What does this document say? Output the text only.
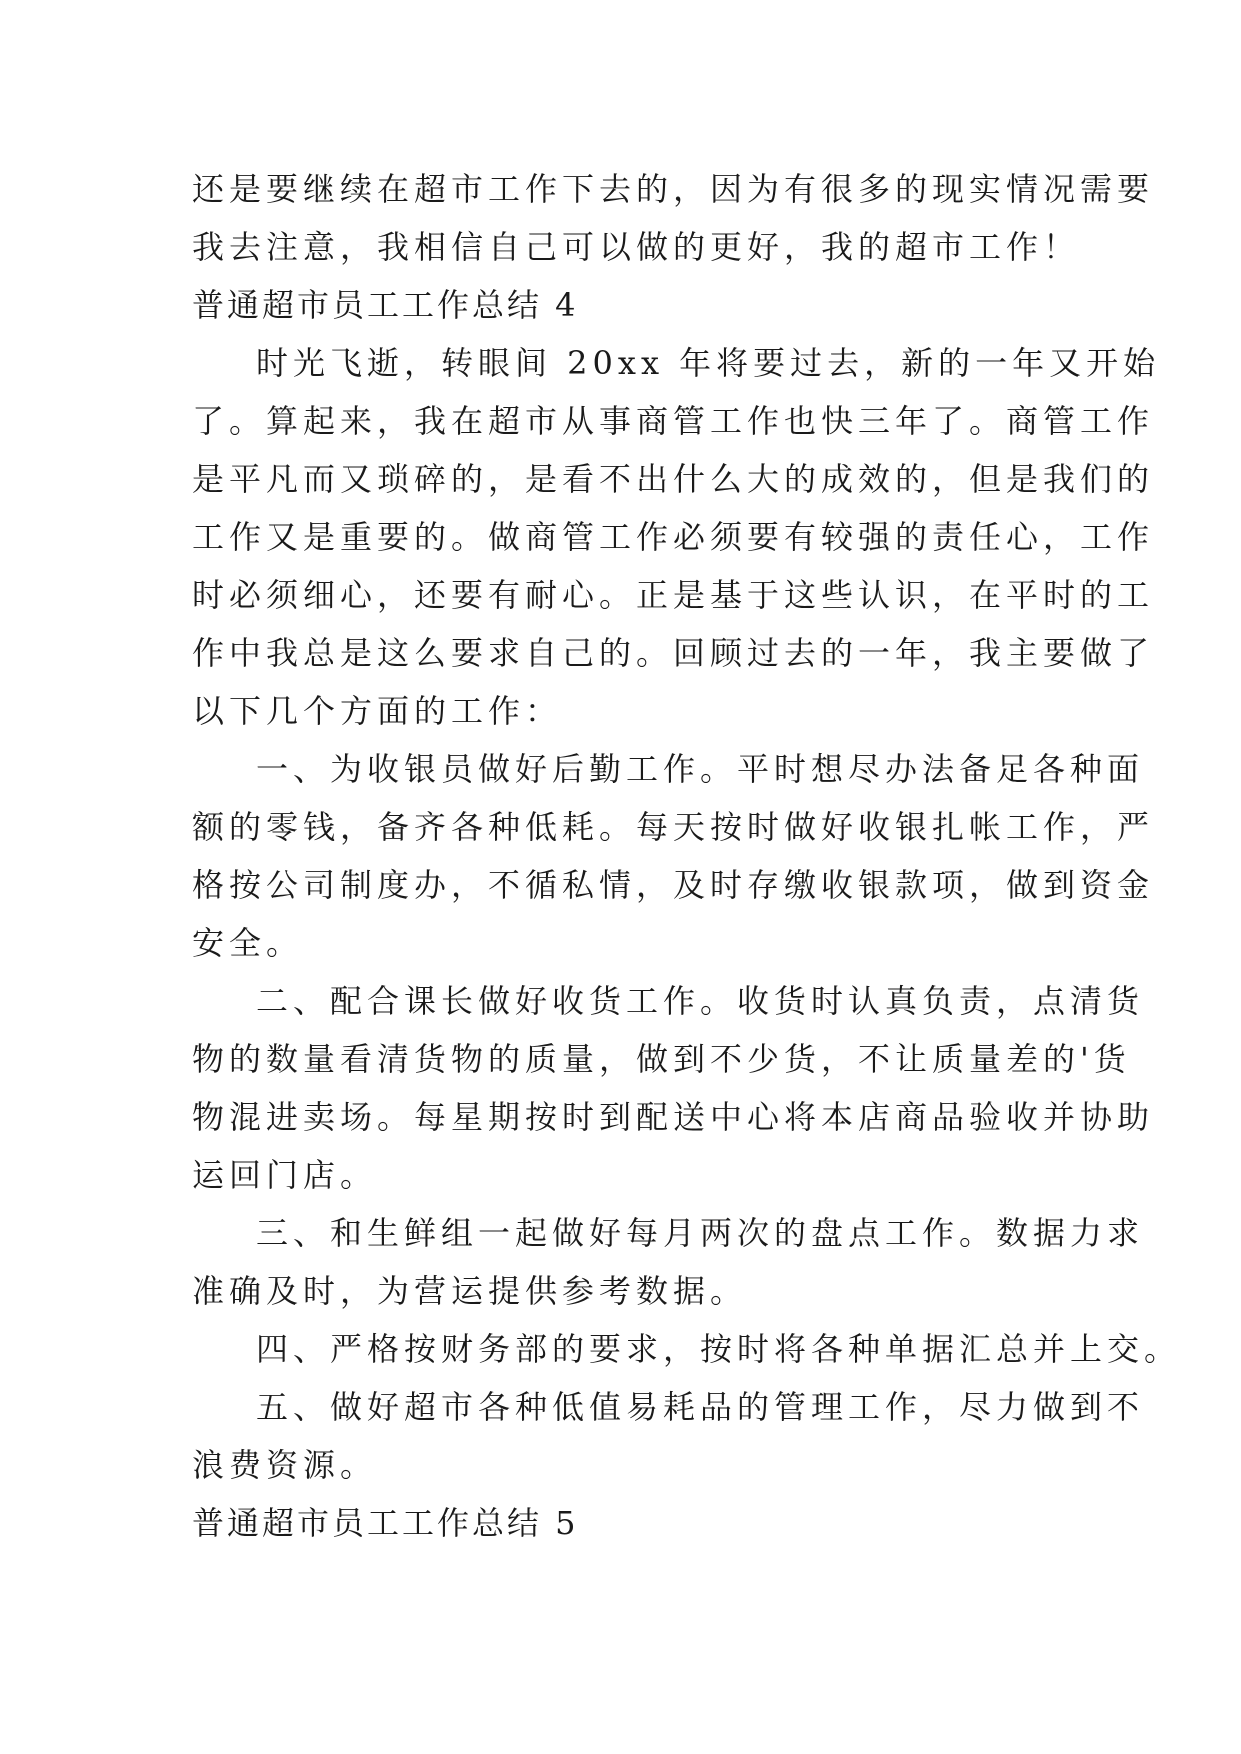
还是要继续在超市工作下去的，因为有很多的现实情况需要
我去注意，我相信自己可以做的更好，我的超市工作！
普通超市员工工作总结 4
时光飞逝，转眼间 20xx 年将要过去，新的一年又开始
了。算起来，我在超市从事商管工作也快三年了。商管工作
是平凡而又琐碎的，是看不出什么大的成效的，但是我们的
工作又是重要的。做商管工作必须要有较强的责任心，工作
时必须细心，还要有耐心。正是基于这些认识，在平时的工
作中我总是这么要求自己的。回顾过去的一年，我主要做了
以下几个方面的工作：
一、为收银员做好后勤工作。平时想尽办法备足各种面
额的零钱，备齐各种低耗。每天按时做好收银扎帐工作，严
格按公司制度办，不循私情，及时存缴收银款项，做到资金
安全。
二、配合课长做好收货工作。收货时认真负责，点清货
物的数量看清货物的质量，做到不少货，不让质量差的'货
物混进卖场。每星期按时到配送中心将本店商品验收并协助
运回门店。
三、和生鲜组一起做好每月两次的盘点工作。数据力求
准确及时，为营运提供参考数据。
四、严格按财务部的要求，按时将各种单据汇总并上交。
五、做好超市各种低值易耗品的管理工作，尽力做到不
浪费资源。
普通超市员工工作总结 5
